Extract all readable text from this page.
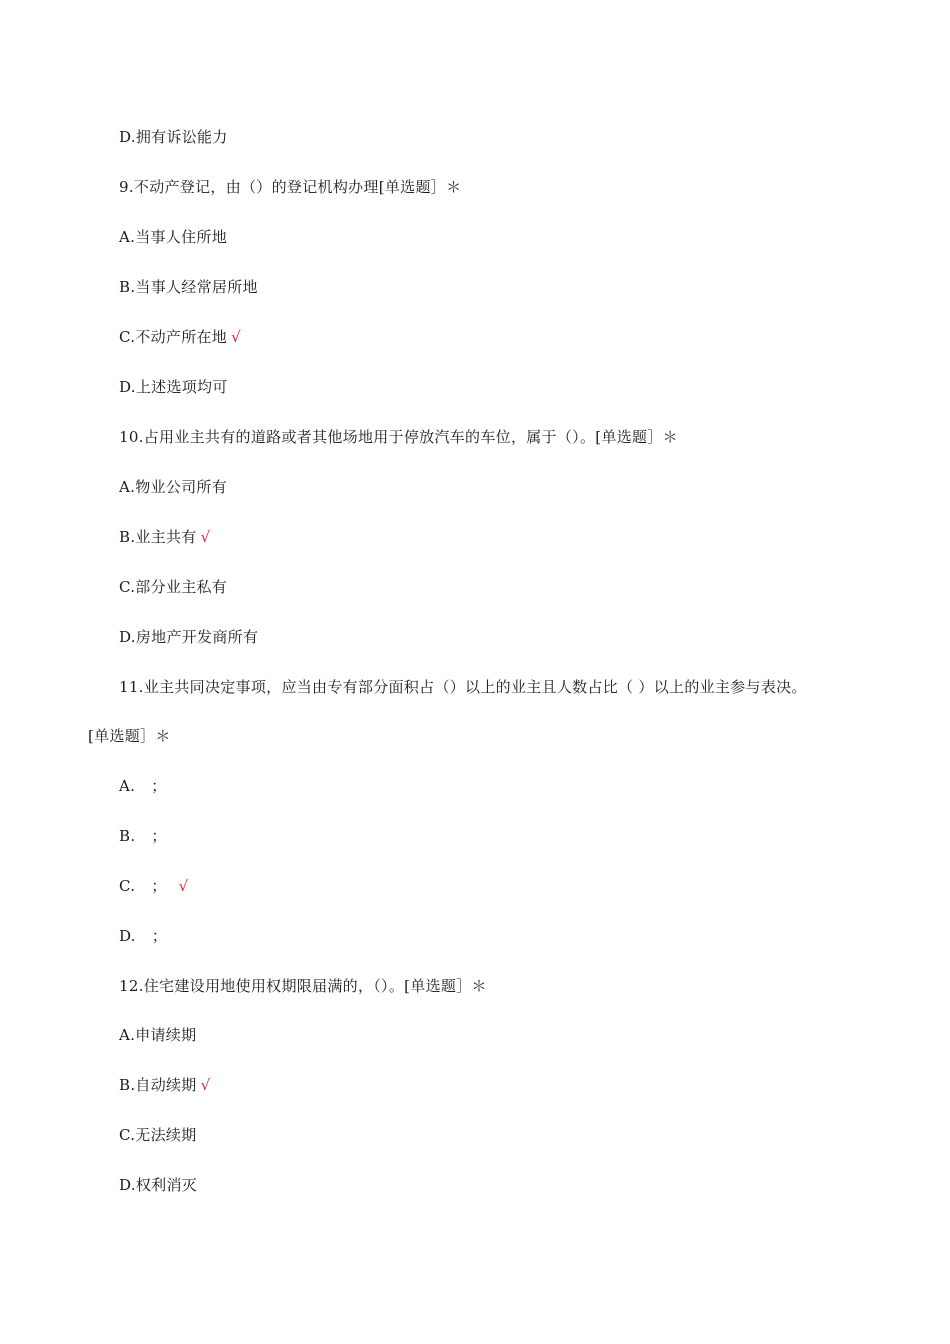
D.拥有诉讼能力
9.不动产登记，由（）的登记机构办理[单选题］＊
A.当事人住所地
B.当事人经常居所地
C.不动产所在地 √
D.上述选项均可
10.占用业主共有的道路或者其他场地用于停放汽车的车位，属于（）。[单选题］＊
A.物业公司所有
B.业主共有 √
C.部分业主私有
D.房地产开发商所有
11.业主共同决定事项，应当由专有部分面积占（）以上的业主且人数占比（ ）以上的业主参与表决。
[单选题］＊
A. ；
B. ；
C. ； √
D. ；
12.住宅建设用地使用权期限届满的，（）。[单选题］＊
A.申请续期
B.自动续期 √
C.无法续期
D.权利消灭
